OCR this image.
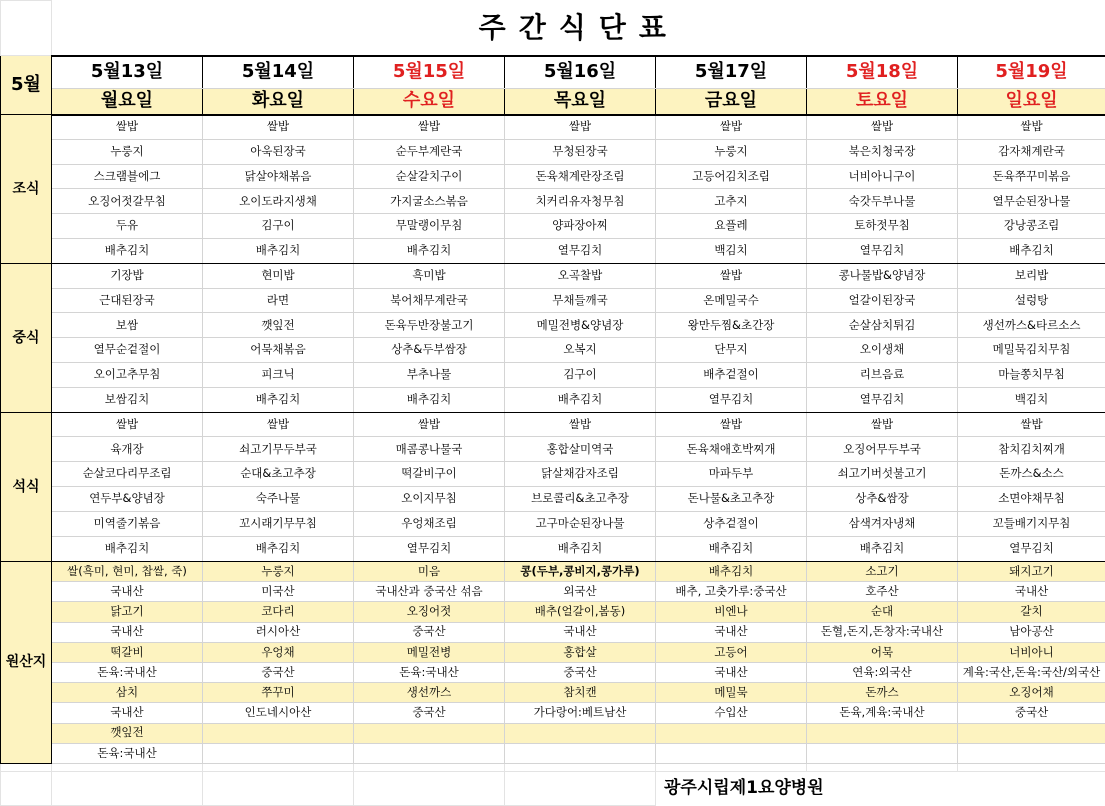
	주간식단표						
5월	5월13일	5월14일	5월15일	5월16일	5월17일	5월18일	5월19일
	월요일	화요일	수요일	목요일	금요일	토요일	일요일
조식	쌀밥	쌀밥	쌀밥	쌀밥	쌀밥	쌀밥	쌀밥
	누룽지	아욱된장국	순두부계란국	무청된장국	누룽지	북은치청국장	감자채계란국
	스크램블에그	닭살야채볶음	순살갈치구이	돈육채계란장조림	고등어김치조림	너비아니구이	돈육쭈꾸미볶음
	오징어젓갈무침	오이도라지생채	가지굴소스볶음	치커리유자청무침	고추지	숙갓두부나물	열무순된장나물
	두유	김구이	무말랭이무침	양파장아찌	요플레	토하젓무침	강낭콩조림
	배추김치	배추김치	배추김치	열무김치	백김치	열무김치	배추김치
중식	기장밥	현미밥	흑미밥	오곡찰밥	쌀밥	콩나물밥&양념장	보리밥
	근대된장국	라면	북어채무계란국	무채들깨국	온메밀국수	얼갈이된장국	설렁탕
	보쌈	깻잎전	돈육두반장불고기	메밀전병&양념장	왕만두찜&초간장	순살삼치튀김	생선까스&타르소스
	열무순겉절이	어묵채볶음	상추&두부쌈장	오복지	단무지	오이생채	메밀묵김치무침
	오이고추무침	피크닉	부추나물	김구이	배추겉절이	리브음료	마늘쫑치무침
	보쌈김치	배추김치	배추김치	배추김치	열무김치	열무김치	백김치
석식	쌀밥	쌀밥	쌀밥	쌀밥	쌀밥	쌀밥	쌀밥
	육개장	쇠고기무두부국	매콤콩나물국	홍합살미역국	돈육채애호박찌개	오징어무두부국	참치김치찌개
	순살코다리무조림	순대&초고추장	떡갈비구이	닭살채감자조림	마파두부	쇠고기버섯불고기	돈까스&소스
	연두부&양념장	숙주나물	오이지무침	브로콜리&초고추장	돈나물&초고추장	상추&쌈장	소면야채무침
	미역줄기볶음	꼬시래기무무침	우엉채조림	고구마순된장나물	상추겉절이	삼색겨자냉채	꼬들배기지무침
	배추김치	배추김치	열무김치	배추김치	배추김치	배추김치	열무김치
원산지	쌀(흑미, 현미, 찹쌀, 죽)	누룽지	미음	콩(두부,콩비지,콩가루)	배추김치	소고기	돼지고기
	국내산	미국산	국내산과 중국산 섞음	외국산	배추, 고춧가루:중국산	호주산	국내산
	닭고기	코다리	오징어젓	배추(얼갈이,봄동)	비엔나	순대	갈치
	국내산	러시아산	중국산	국내산	국내산	돈혈,돈지,돈창자:국내산	남아공산
	떡갈비	우엉채	메밀전병	홍합살	고등어	어묵	너비아니
	돈육:국내산	중국산	돈육:국내산	중국산	국내산	연육:외국산	계육:국산,돈육:국산/외국산
	삼치	쭈꾸미	생선까스	참치캔	메밀묵	돈까스	오징어채
	국내산	인도네시아산	중국산	가다랑어:베트남산	수입산	돈육,계육:국내산	중국산
	깻잎전						
	돈육:국내산						

					광주시립제1요양병원		
